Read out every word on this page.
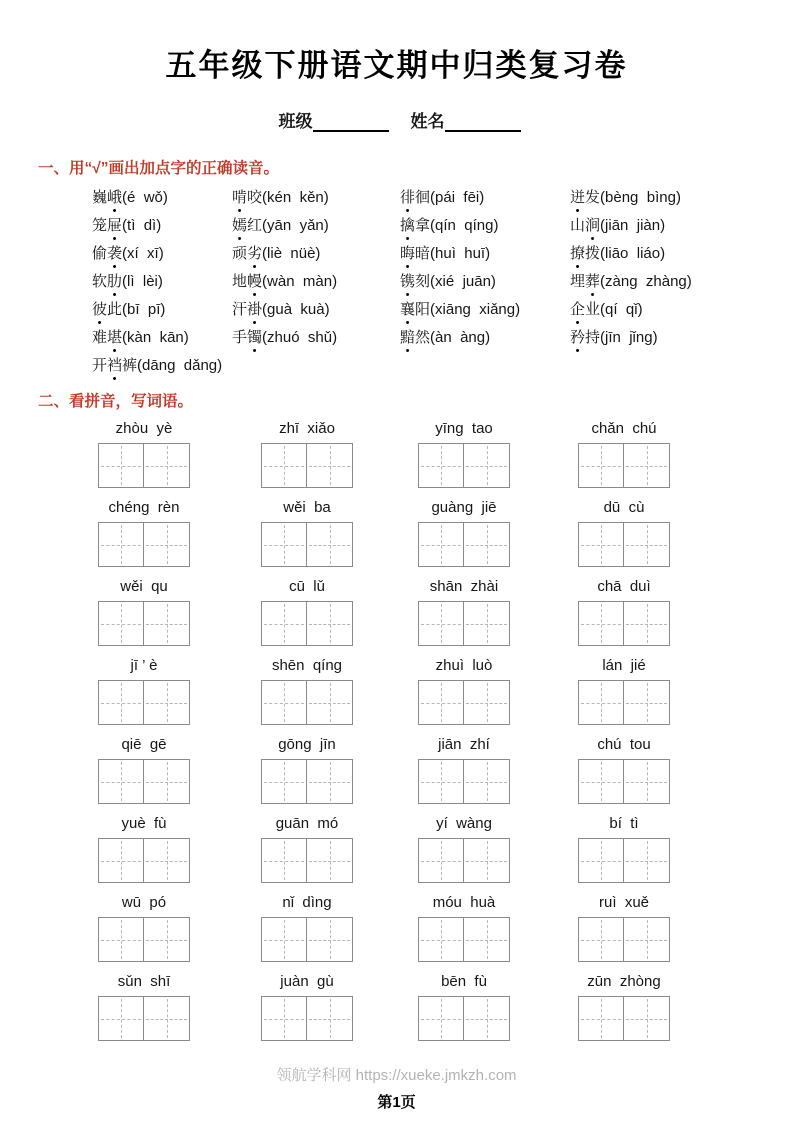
五年级下册语文期中归类复习卷
班级	姓名
一、用“√”画出加点字的正确读音。
巍峨(é wǒ)	啃咬(kén kěn)	徘徊(pái fēi)	迸发(bèng bìng)
笼屉(tì dì)	嫣红(yān yǎn)	擒拿(qín qíng)	山涧(jiān jiàn)
偷袭(xí xī)	顽劣(liè nüè)	晦暗(huì huī)	撩拨(liāo liáo)
软肋(lì lèi)	地幔(wàn màn)	镌刻(xié juān)	埋葬(zàng zhàng)
彼此(bī pī)	汗褂(guà kuà)	襄阳(xiāng xiǎng)	企业(qí qǐ)
难堪(kàn kān)	手镯(zhuó shǔ)	黯然(àn àng)	矜持(jīn jǐng)
开裆裤(dāng dǎng)
二、看拼音，写词语。
zhòu  yè	zhī  xiǎo	yīng  tao	chǎn  chú
chéng  rèn	wěi  ba	guàng  jiē	dū  cù
wěi  qu	cū  lǔ	shān  zhài	chā  duì
jī ’ è	shēn  qíng	zhuì  luò	lán  jié
qiē  gē	gōng  jīn	jiān  zhí	chú  tou
yuè  fù	guān  mó	yí  wàng	bí  tì
wū  pó	nǐ  dìng	móu  huà	ruì  xuě
sǔn  shī	juàn  gù	bēn  fù	zūn  zhòng
领航学科网 https://xueke.jmkzh.com
第1页
